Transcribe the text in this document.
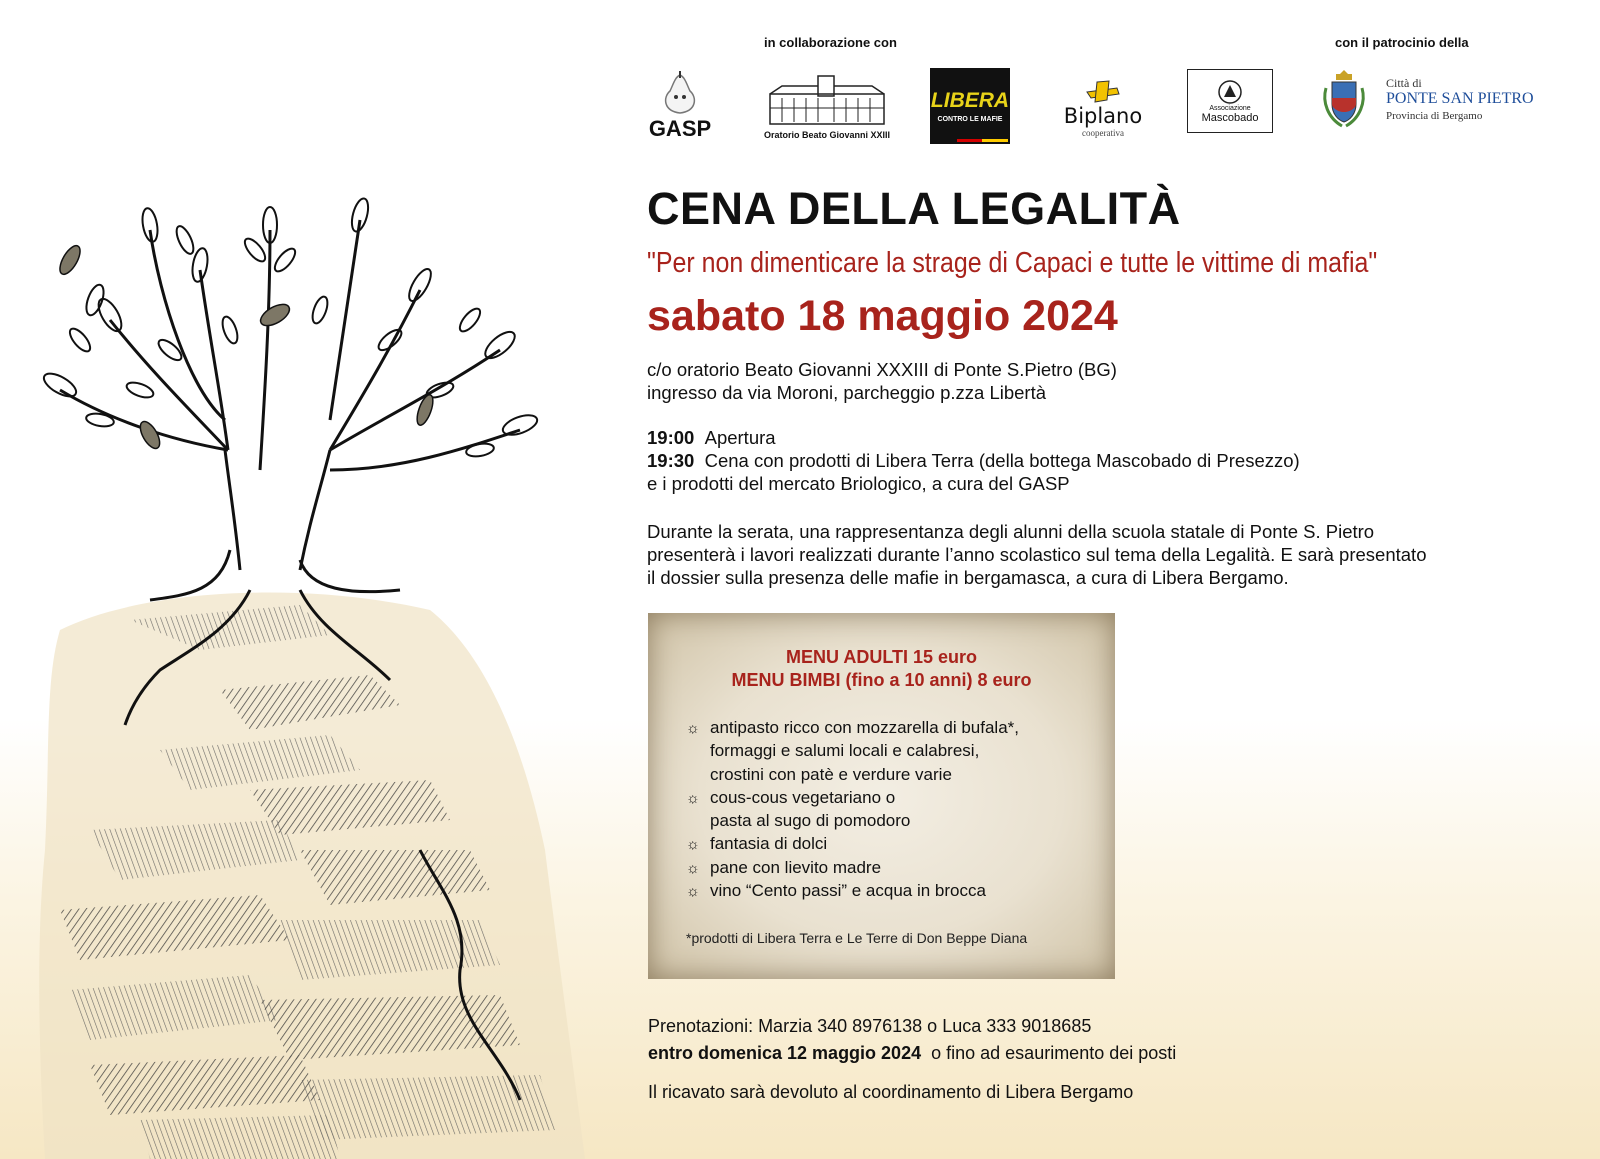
in collaborazione con	con il patrocinio della
GASP	Oratorio Beato Giovanni XXIII
LIBERA
CONTRO LE MAFIE	Biplano
cooperativa
Associazione
Mascobado
Città di
PONTE SAN PIETRO
Provincia di Bergamo
CENA DELLA LEGALITÀ
"Per non dimenticare la strage di Capaci e tutte le vittime di mafia"
sabato 18 maggio 2024
c/o oratorio Beato Giovanni XXXIII di Ponte S.Pietro (BG)
ingresso da via Moroni, parcheggio p.zza Libertà
19:00 Apertura
19:30 Cena con prodotti di Libera Terra (della bottega Mascobado di Presezzo)
e i prodotti del mercato Briologico, a cura del GASP
Durante la serata, una rappresentanza degli alunni della scuola statale di Ponte S. Pietro
presenterà i lavori realizzati durante l’anno scolastico sul tema della Legalità. E sarà presentato
il dossier sulla presenza delle mafie in bergamasca, a cura di Libera Bergamo.
MENU ADULTI 15 euro
MENU BIMBI (fino a 10 anni) 8 euro
☼ antipasto ricco con mozzarella di bufala*,
formaggi e salumi locali e calabresi,
crostini con patè e verdure varie
☼ cous-cous vegetariano o
pasta al sugo di pomodoro
☼ fantasia di dolci
☼ pane con lievito madre
☼ vino “Cento passi” e acqua in brocca
*prodotti di Libera Terra e Le Terre di Don Beppe Diana
Prenotazioni: Marzia 340 8976138 o Luca 333 9018685
entro domenica 12 maggio 2024 o fino ad esaurimento dei posti
Il ricavato sarà devoluto al coordinamento di Libera Bergamo
